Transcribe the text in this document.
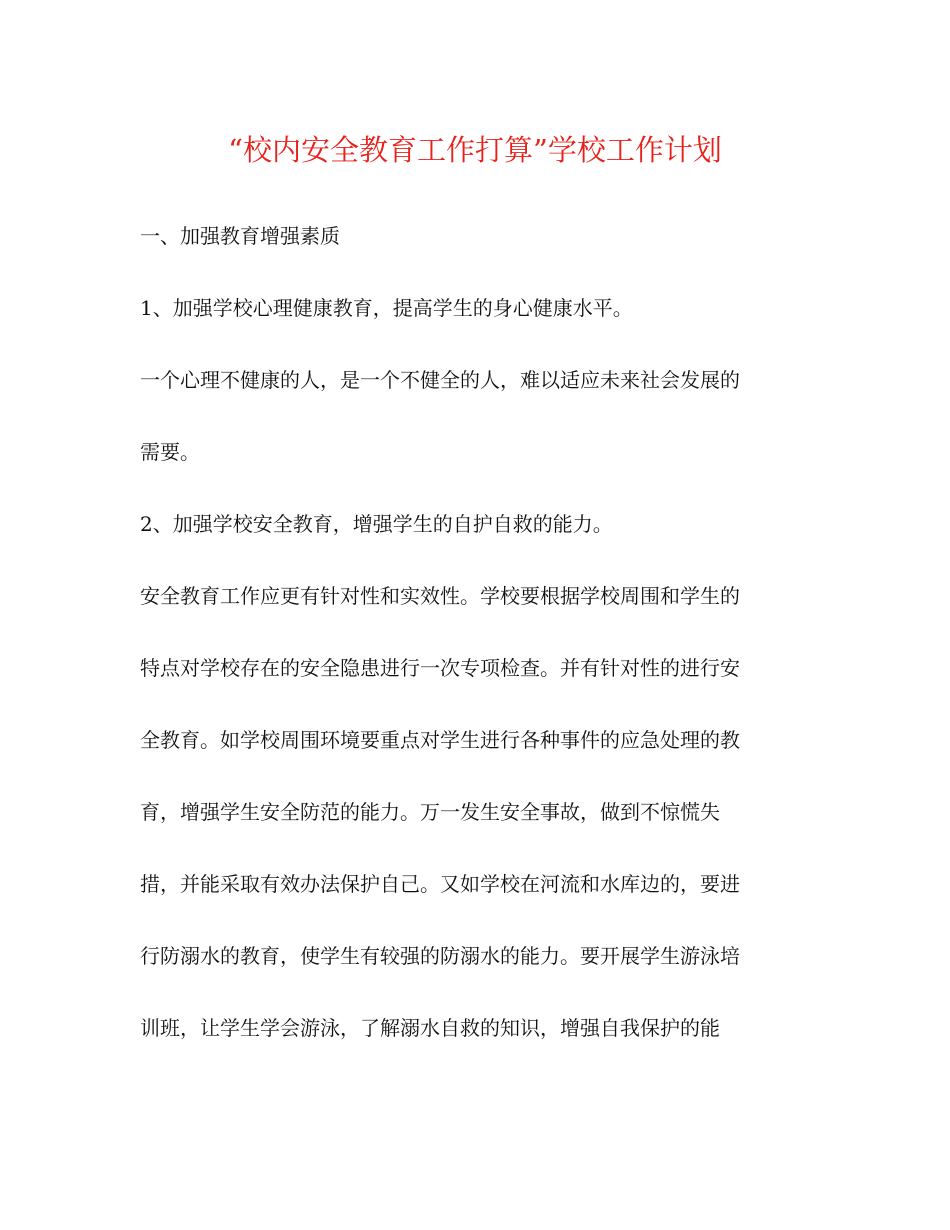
“校内安全教育工作打算”学校工作计划
一、加强教育增强素质
1、加强学校心理健康教育，提高学生的身心健康水平。
一个心理不健康的人，是一个不健全的人，难以适应未来社会发展的
需要。
2、加强学校安全教育，增强学生的自护自救的能力。
安全教育工作应更有针对性和实效性。学校要根据学校周围和学生的
特点对学校存在的安全隐患进行一次专项检查。并有针对性的进行安
全教育。如学校周围环境要重点对学生进行各种事件的应急处理的教
育，增强学生安全防范的能力。万一发生安全事故，做到不惊慌失
措，并能采取有效办法保护自己。又如学校在河流和水库边的，要进
行防溺水的教育，使学生有较强的防溺水的能力。要开展学生游泳培
训班，让学生学会游泳，了解溺水自救的知识，增强自我保护的能
